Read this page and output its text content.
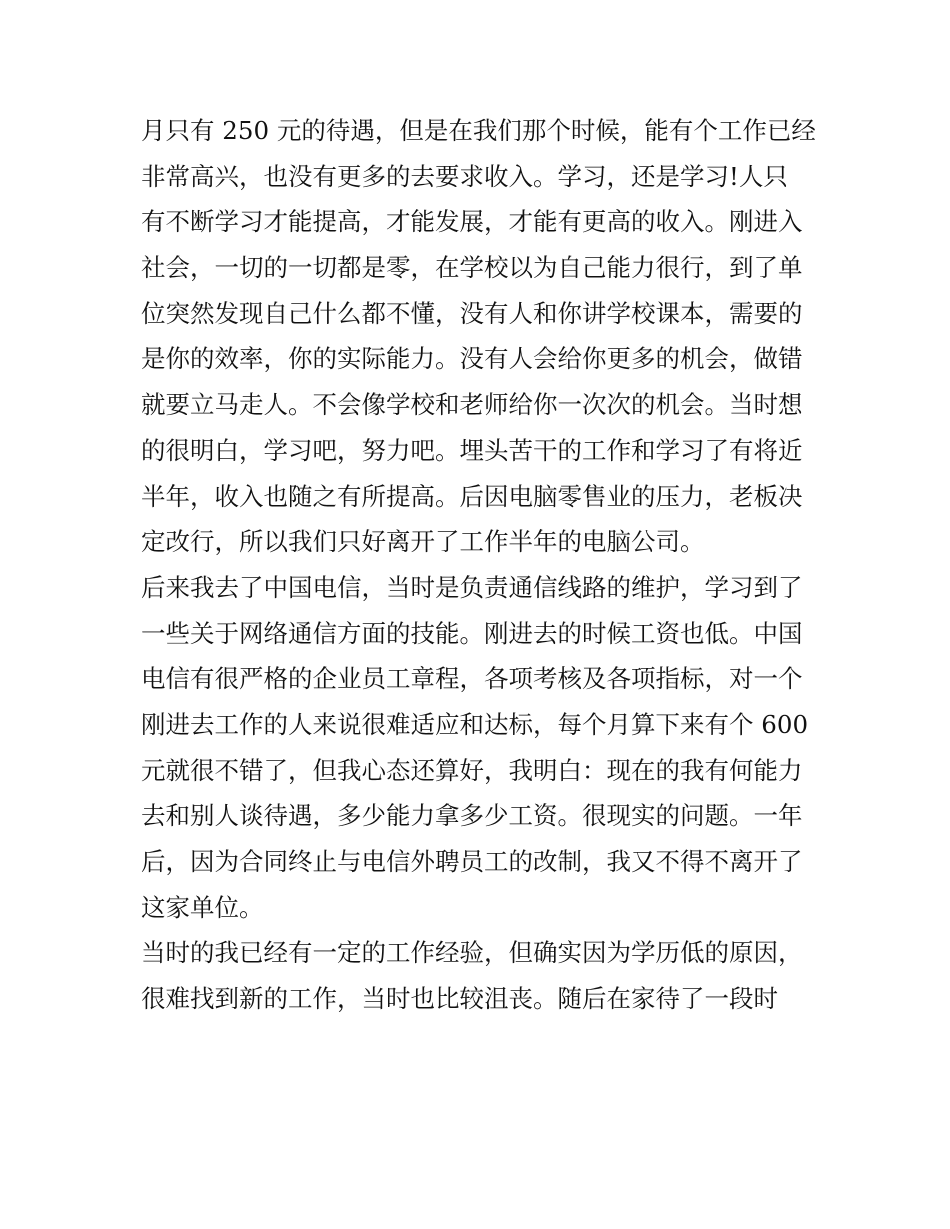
月只有 250 元的待遇，但是在我们那个时候，能有个工作已经
非常高兴，也没有更多的去要求收入。学习，还是学习!人只
有不断学习才能提高，才能发展，才能有更高的收入。刚进入
社会，一切的一切都是零，在学校以为自己能力很行，到了单
位突然发现自己什么都不懂，没有人和你讲学校课本，需要的
是你的效率，你的实际能力。没有人会给你更多的机会，做错
就要立马走人。不会像学校和老师给你一次次的机会。当时想
的很明白，学习吧，努力吧。埋头苦干的工作和学习了有将近
半年，收入也随之有所提高。后因电脑零售业的压力，老板决
定改行，所以我们只好离开了工作半年的电脑公司。
后来我去了中国电信，当时是负责通信线路的维护，学习到了
一些关于网络通信方面的技能。刚进去的时候工资也低。中国
电信有很严格的企业员工章程，各项考核及各项指标，对一个
刚进去工作的人来说很难适应和达标，每个月算下来有个 600
元就很不错了，但我心态还算好，我明白：现在的我有何能力
去和别人谈待遇，多少能力拿多少工资。很现实的问题。一年
后，因为合同终止与电信外聘员工的改制，我又不得不离开了
这家单位。
当时的我已经有一定的工作经验，但确实因为学历低的原因，
很难找到新的工作，当时也比较沮丧。随后在家待了一段时
